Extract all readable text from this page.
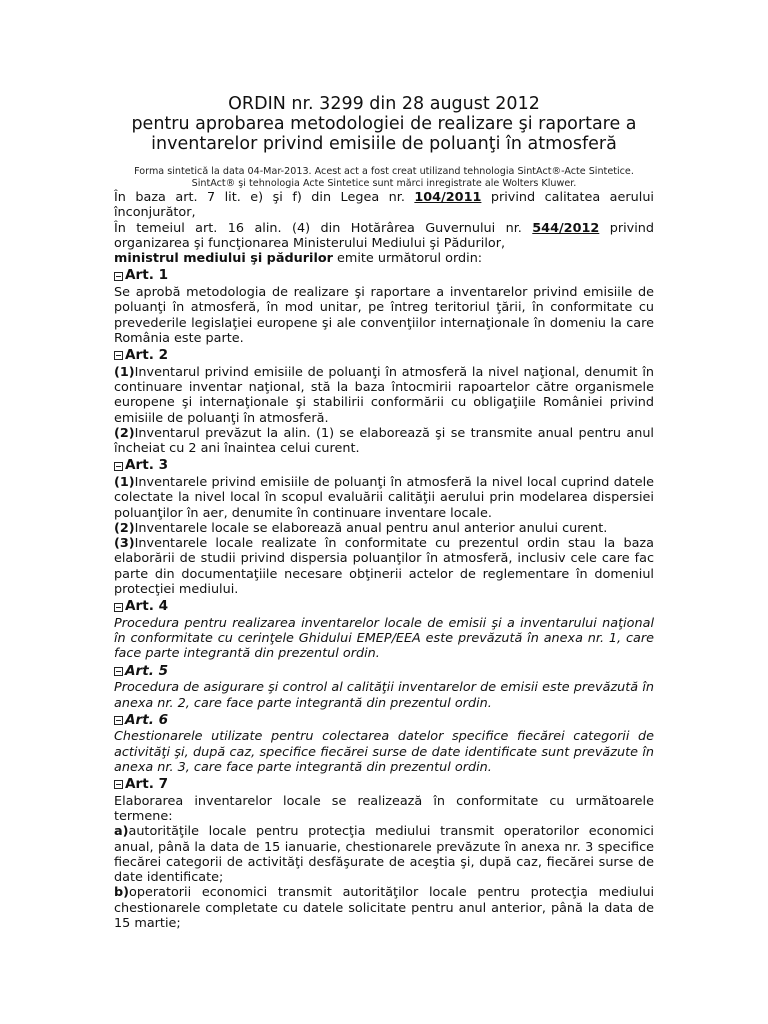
ORDIN nr. 3299 din 28 august 2012
pentru aprobarea metodologiei de realizare şi raportare a
inventarelor privind emisiile de poluanţi în atmosferă
Forma sintetică la data 04-Mar-2013. Acest act a fost creat utilizand tehnologia SintAct®-Acte Sintetice.
SintAct® şi tehnologia Acte Sintetice sunt mărci inregistrate ale Wolters Kluwer.

În baza art. 7 lit. e) şi f) din Legea nr. 104/2011 privind calitatea aerului înconjurător,

În temeiul art. 16 alin. (4) din Hotărârea Guvernului nr. 544/2012 privind organizarea şi funcţionarea Ministerului Mediului şi Pădurilor,

ministrul mediului şi pădurilor emite următorul ordin:

Art. 1

Se aprobă metodologia de realizare şi raportare a inventarelor privind emisiile de poluanţi în atmosferă, în mod unitar, pe întreg teritoriul ţării, în conformitate cu prevederile legislaţiei europene şi ale convenţiilor internaţionale în domeniu la care România este parte.

Art. 2

(1)Inventarul privind emisiile de poluanţi în atmosferă la nivel naţional, denumit în continuare inventar naţional, stă la baza întocmirii rapoartelor către organismele europene şi internaţionale şi stabilirii conformării cu obligaţiile României privind emisiile de poluanţi în atmosferă.

(2)Inventarul prevăzut la alin. (1) se elaborează şi se transmite anual pentru anul încheiat cu 2 ani înaintea celui curent.

Art. 3

(1)Inventarele privind emisiile de poluanţi în atmosferă la nivel local cuprind datele colectate la nivel local în scopul evaluării calităţii aerului prin modelarea dispersiei poluanţilor în aer, denumite în continuare inventare locale.

(2)Inventarele locale se elaborează anual pentru anul anterior anului curent.

(3)Inventarele locale realizate în conformitate cu prezentul ordin stau la baza elaborării de studii privind dispersia poluanţilor în atmosferă, inclusiv cele care fac parte din documentaţiile necesare obţinerii actelor de reglementare în domeniul protecţiei mediului.

Art. 4

Procedura pentru realizarea inventarelor locale de emisii şi a inventarului naţional în conformitate cu cerinţele Ghidului EMEP/EEA este prevăzută în anexa nr. 1, care face parte integrantă din prezentul ordin.

Art. 5

Procedura de asigurare şi control al calităţii inventarelor de emisii este prevăzută în anexa nr. 2, care face parte integrantă din prezentul ordin.

Art. 6

Chestionarele utilizate pentru colectarea datelor specifice fiecărei categorii de activităţi şi, după caz, specifice fiecărei surse de date identificate sunt prevăzute în anexa nr. 3, care face parte integrantă din prezentul ordin.

Art. 7

Elaborarea inventarelor locale se realizează în conformitate cu următoarele termene:

a)autorităţile locale pentru protecţia mediului transmit operatorilor economici anual, până la data de 15 ianuarie, chestionarele prevăzute în anexa nr. 3 specifice fiecărei categorii de activităţi desfăşurate de aceştia şi, după caz, fiecărei surse de date identificate;

b)operatorii economici transmit autorităţilor locale pentru protecţia mediului chestionarele completate cu datele solicitate pentru anul anterior, până la data de 15 martie;
